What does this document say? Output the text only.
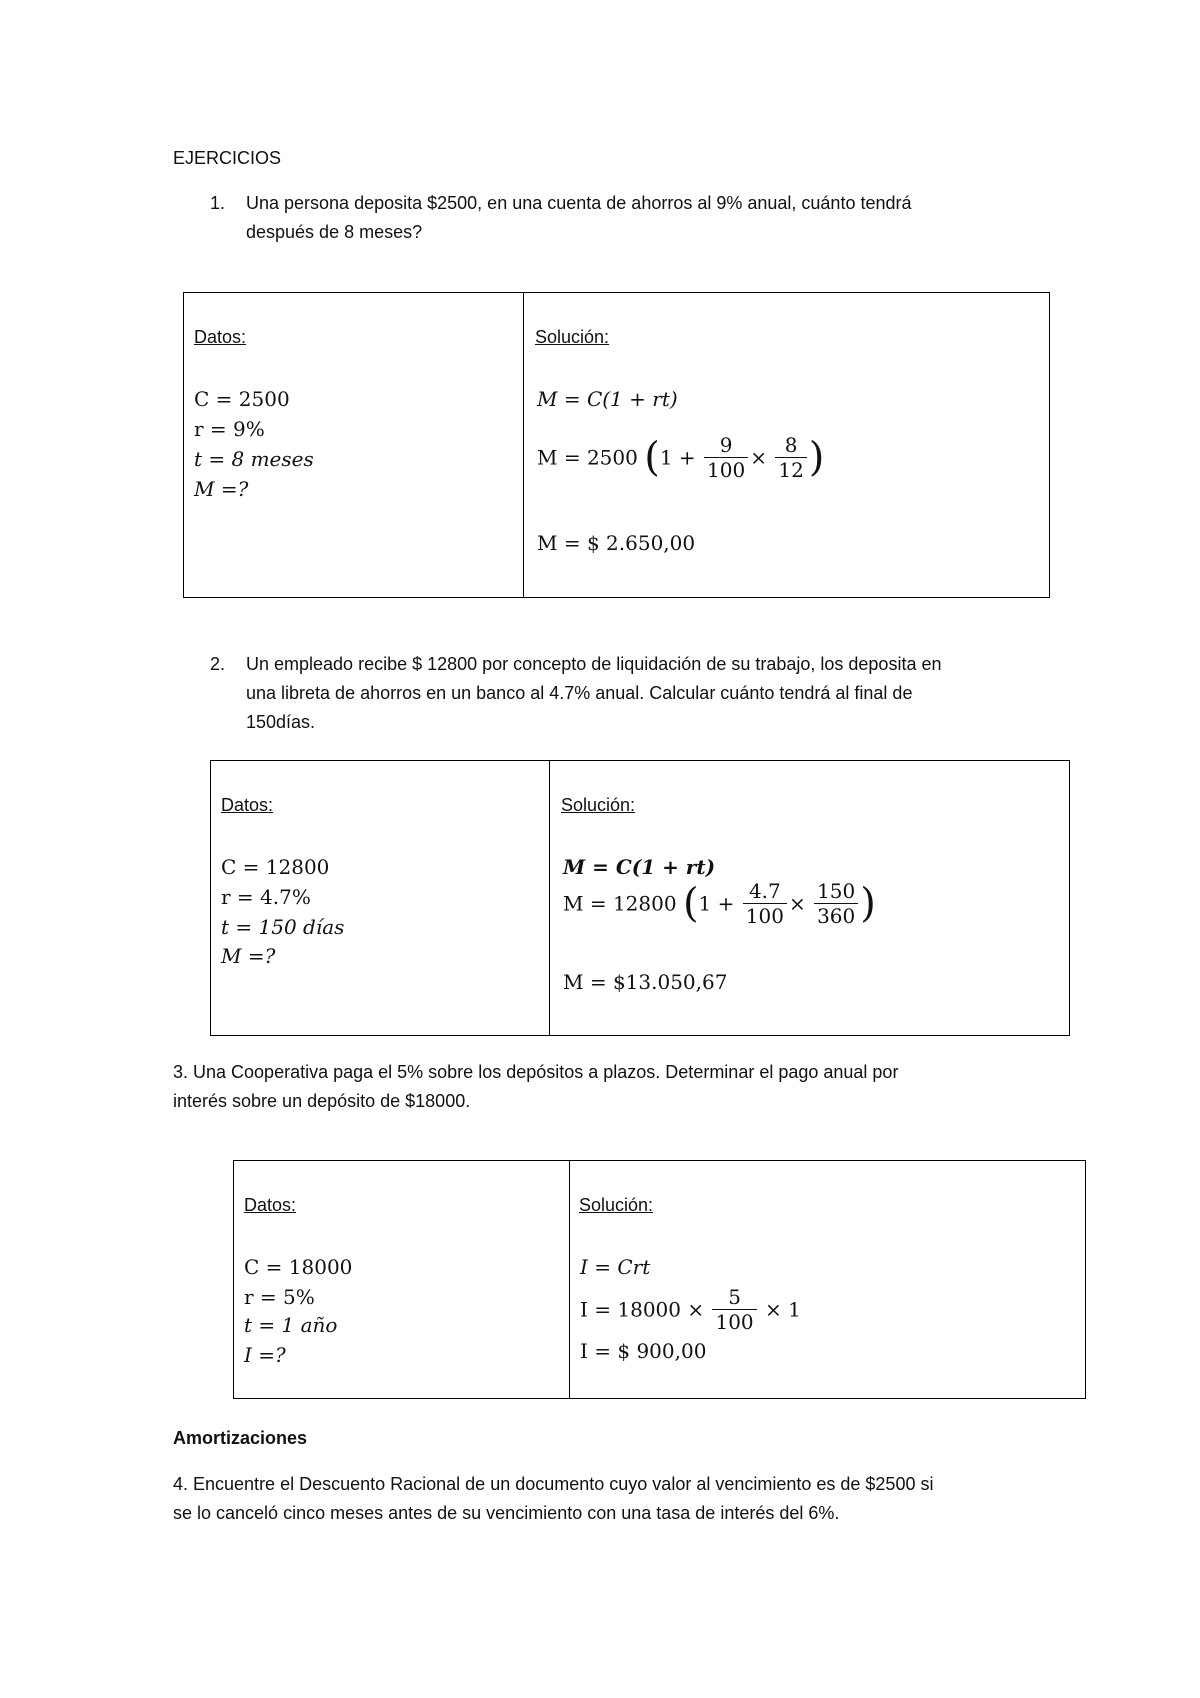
EJERCICIOS
1. Una persona deposita $2500, en una cuenta de ahorros al 9% anual, cuánto tendrá
después de 8 meses?
Datos:
C = 2500
r = 9%
t = 8 meses
M =?
Solución:
M = C(1 + rt)
M = 2500 ($1 + \frac{9}{100} \times \frac{8}{12}$ )
M = $ 2.650,00
2. Un empleado recibe $ 12800 por concepto de liquidación de su trabajo, los deposita en
una libreta de ahorros en un banco al 4.7% anual. Calcular cuánto tendrá al final de
150días.
Datos:
C = 12800
r = 4.7%
t = 150 días
M =?
Solución:
M = C(1 + rt)
M = 12800 ($1 + \frac{4.7}{100} \times \frac{150}{360}$ )
M = $13.050,67
3. Una Cooperativa paga el 5% sobre los depósitos a plazos. Determinar el pago anual por
interés sobre un depósito de $18000.
Datos:
C = 18000
r = 5%
t = 1 año
I =?
Solución:
I = Crt
$I = 18000 \times \frac{5}{100} \times 1$
I = $ 900,00
Amortizaciones
4. Encuentre el Descuento Racional de un documento cuyo valor al vencimiento es de $2500 si
se lo canceló cinco meses antes de su vencimiento con una tasa de interés del 6%.
